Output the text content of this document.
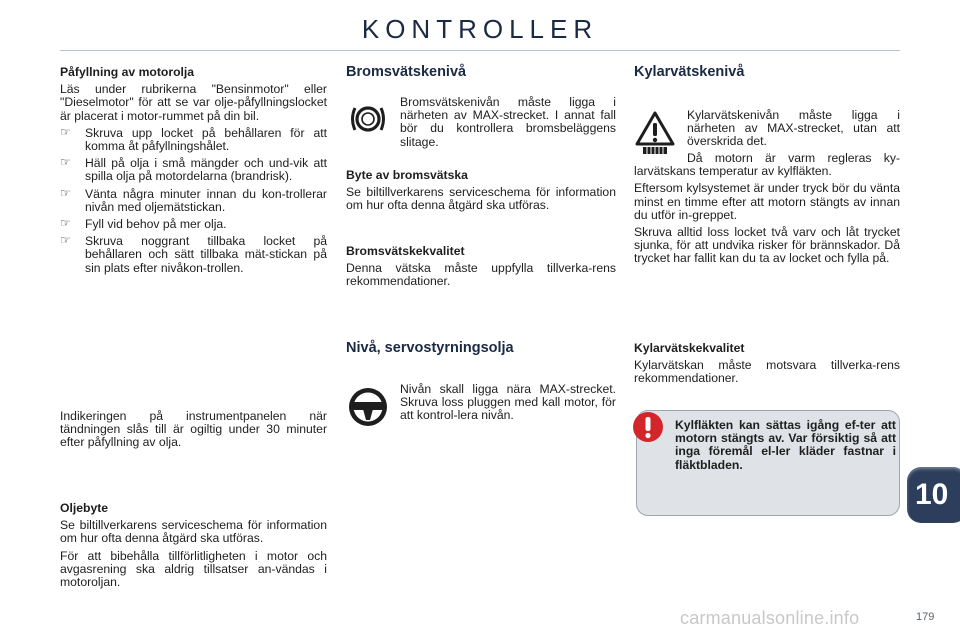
KONTROLLER

Påfyllning av motorolja

Läs under rubrikerna "Bensinmotor" eller "Dieselmotor" för att se var olje-påfyllningslocket är placerat i motor-rummet på din bil.

☞ Skruva upp locket på behållaren för att komma åt påfyllningshålet.
☞ Häll på olja i små mängder och und-vik att spilla olja på motordelarna (brandrisk).
☞ Vänta några minuter innan du kon-trollerar nivån med oljemätstickan.
☞ Fyll vid behov på mer olja.
☞ Skruva noggrant tillbaka locket på behållaren och sätt tillbaka mät-stickan på sin plats efter nivåkon-trollen.
Indikeringen på instrumentpanelen när tändningen slås till är ogiltig under 30 minuter efter påfyllning av olja.

Oljebyte

Se biltillverkarens serviceschema för information om hur ofta denna åtgärd ska utföras.

För att bibehålla tillförlitligheten i motor och avgasrening ska aldrig tillsatser an-vändas i motoroljan.

Bromsvätskenivå

Bromsvätskenivån måste ligga i närheten av MAX-strecket. I annat fall bör du kontrollera bromsbeläggens slitage.

Byte av bromsvätska

Se biltillverkarens serviceschema för information om hur ofta denna åtgärd ska utföras.

Bromsvätskekvalitet

Denna vätska måste uppfylla tillverka-rens rekommendationer.

Nivå, servostyrningsolja

Nivån skall ligga nära MAX-strecket. Skruva loss pluggen med kall motor, för att kontrol-lera nivån.

Kylarvätskenivå

Kylarvätskenivån måste ligga i närheten av MAX-strecket, utan att överskrida det.

Då motorn är varm regleras ky-larvätskans temperatur av kylfläkten.

Eftersom kylsystemet är under tryck bör du vänta minst en timme efter att motorn stängts av innan du utför in-greppet.

Skruva alltid loss locket två varv och låt trycket sjunka, för att undvika risker för brännskador. Då trycket har fallit kan du ta av locket och fylla på.

Kylarvätskekvalitet

Kylarvätskan måste motsvara tillverka-rens rekommendationer.

Kylfläkten kan sättas igång ef-ter att motorn stängts av. Var försiktig så att inga föremål el-ler kläder fastnar i fläktbladen.
10
179
carmanualsonline.info
